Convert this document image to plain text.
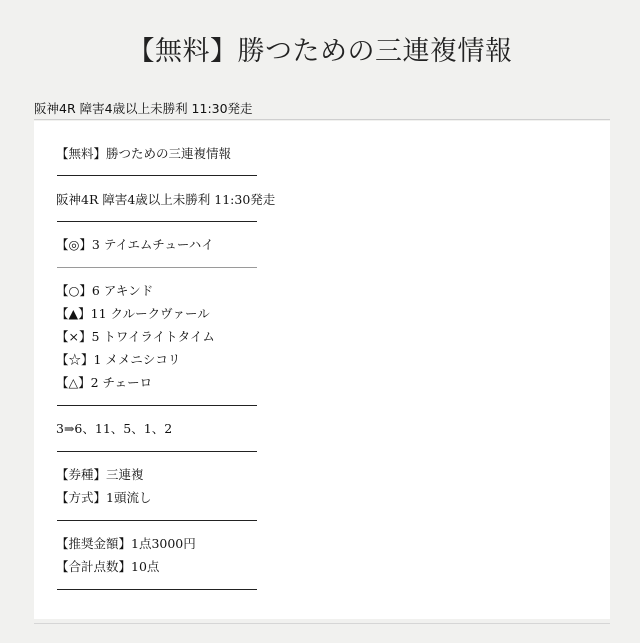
【無料】勝つための三連複情報
阪神4R 障害4歳以上未勝利 11:30発走
【無料】勝つための三連複情報
阪神4R 障害4歳以上未勝利 11:30発走
【◎】3 テイエムチューハイ
【○】6 アキンド
【▲】11 クルークヴァール
【×】5 トワイライトタイム
【☆】1 メメニシコリ
【△】2 チェーロ
3⇒6、11、5、1、2
【券種】三連複
【方式】1頭流し
【推奨金額】1点3000円
【合計点数】10点
